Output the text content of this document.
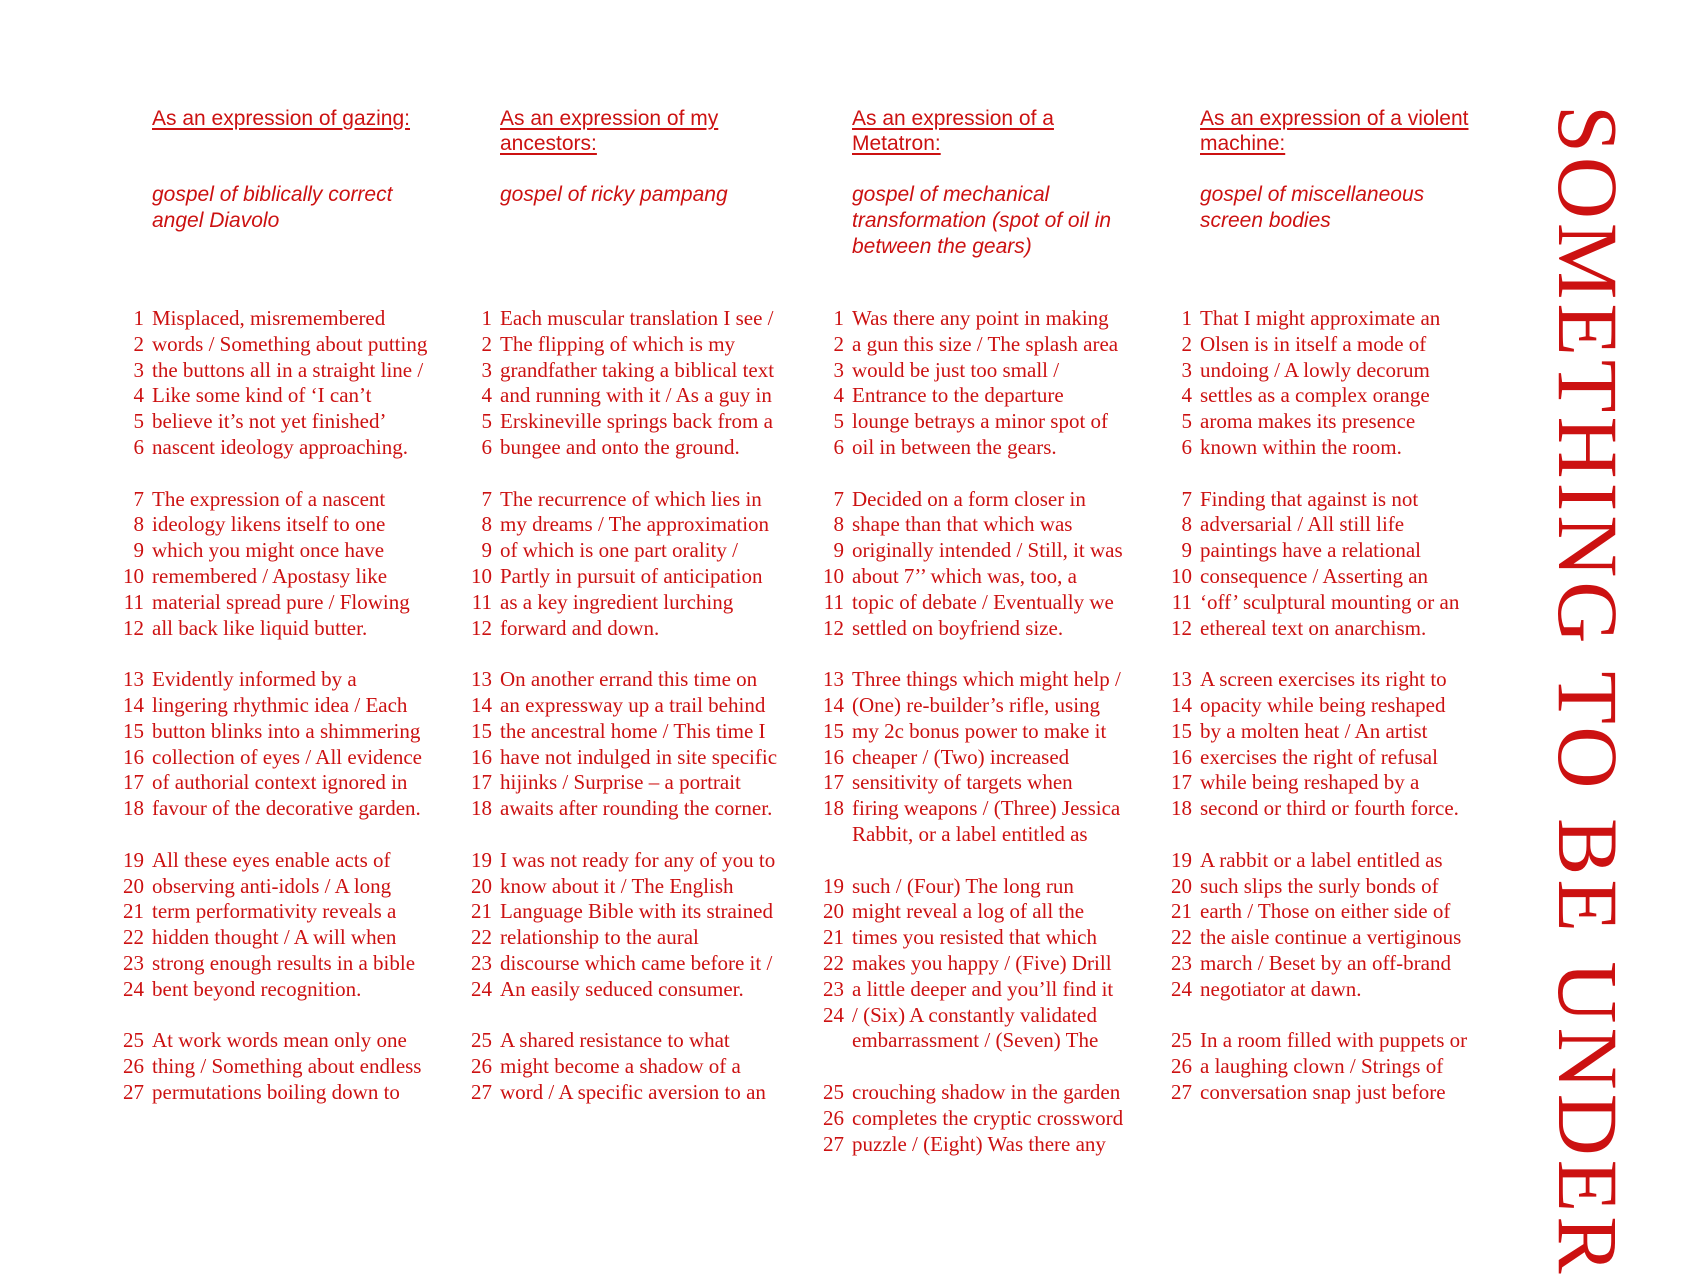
As an expression of gazing:
gospel of biblically correct angel Diavolo
1 Misplaced, misremembered
2 words / Something about putting
3 the buttons all in a straight line /
4 Like some kind of ‘I can’t
5 believe it’s not yet finished’
6 nascent ideology approaching.
7 The expression of a nascent
8 ideology likens itself to one
9 which you might once have
10 remembered / Apostasy like
11 material spread pure / Flowing
12 all back like liquid butter.
13 Evidently informed by a
14 lingering rhythmic idea / Each
15 button blinks into a shimmering
16 collection of eyes / All evidence
17 of authorial context ignored in
18 favour of the decorative garden.
19 All these eyes enable acts of
20 observing anti-idols / A long
21 term performativity reveals a
22 hidden thought / A will when
23 strong enough results in a bible
24 bent beyond recognition.
25 At work words mean only one
26 thing / Something about endless
27 permutations boiling down to
As an expression of my ancestors:
gospel of ricky pampang
1 Each muscular translation I see /
2 The flipping of which is my
3 grandfather taking a biblical text
4 and running with it / As a guy in
5 Erskineville springs back from a
6 bungee and onto the ground.
7 The recurrence of which lies in
8 my dreams / The approximation
9 of which is one part orality /
10 Partly in pursuit of anticipation
11 as a key ingredient lurching
12 forward and down.
13 On another errand this time on
14 an expressway up a trail behind
15 the ancestral home / This time I
16 have not indulged in site specific
17 hijinks / Surprise – a portrait
18 awaits after rounding the corner.
19 I was not ready for any of you to
20 know about it / The English
21 Language Bible with its strained
22 relationship to the aural
23 discourse which came before it /
24 An easily seduced consumer.
25 A shared resistance to what
26 might become a shadow of a
27 word / A specific aversion to an
As an expression of a Metatron:
gospel of mechanical transformation (spot of oil in between the gears)
1 Was there any point in making
2 a gun this size / The splash area
3 would be just too small /
4 Entrance to the departure
5 lounge betrays a minor spot of
6 oil in between the gears.
7 Decided on a form closer in
8 shape than that which was
9 originally intended / Still, it was
10 about 7’’ which was, too, a
11 topic of debate / Eventually we
12 settled on boyfriend size.
13 Three things which might help /
14 (One) re-builder’s rifle, using
15 my 2c bonus power to make it
16 cheaper / (Two) increased
17 sensitivity of targets when
18 firing weapons / (Three) Jessica
Rabbit, or a label entitled as
19 such / (Four) The long run
20 might reveal a log of all the
21 times you resisted that which
22 makes you happy / (Five) Drill
23 a little deeper and you’ll find it
24 / (Six) A constantly validated
embarrassment / (Seven) The
25 crouching shadow in the garden
26 completes the cryptic crossword
27 puzzle / (Eight) Was there any
As an expression of a violent machine:
gospel of miscellaneous screen bodies
1 That I might approximate an
2 Olsen is in itself a mode of
3 undoing / A lowly decorum
4 settles as a complex orange
5 aroma makes its presence
6 known within the room.
7 Finding that against is not
8 adversarial / All still life
9 paintings have a relational
10 consequence / Asserting an
11 ‘off’ sculptural mounting or an
12 ethereal text on anarchism.
13 A screen exercises its right to
14 opacity while being reshaped
15 by a molten heat / An artist
16 exercises the right of refusal
17 while being reshaped by a
18 second or third or fourth force.
19 A rabbit or a label entitled as
20 such slips the surly bonds of
21 earth / Those on either side of
22 the aisle continue a vertiginous
23 march / Beset by an off-brand
24 negotiator at dawn.
25 In a room filled with puppets or
26 a laughing clown / Strings of
27 conversation snap just before SOMETHING TO BE UNDER
